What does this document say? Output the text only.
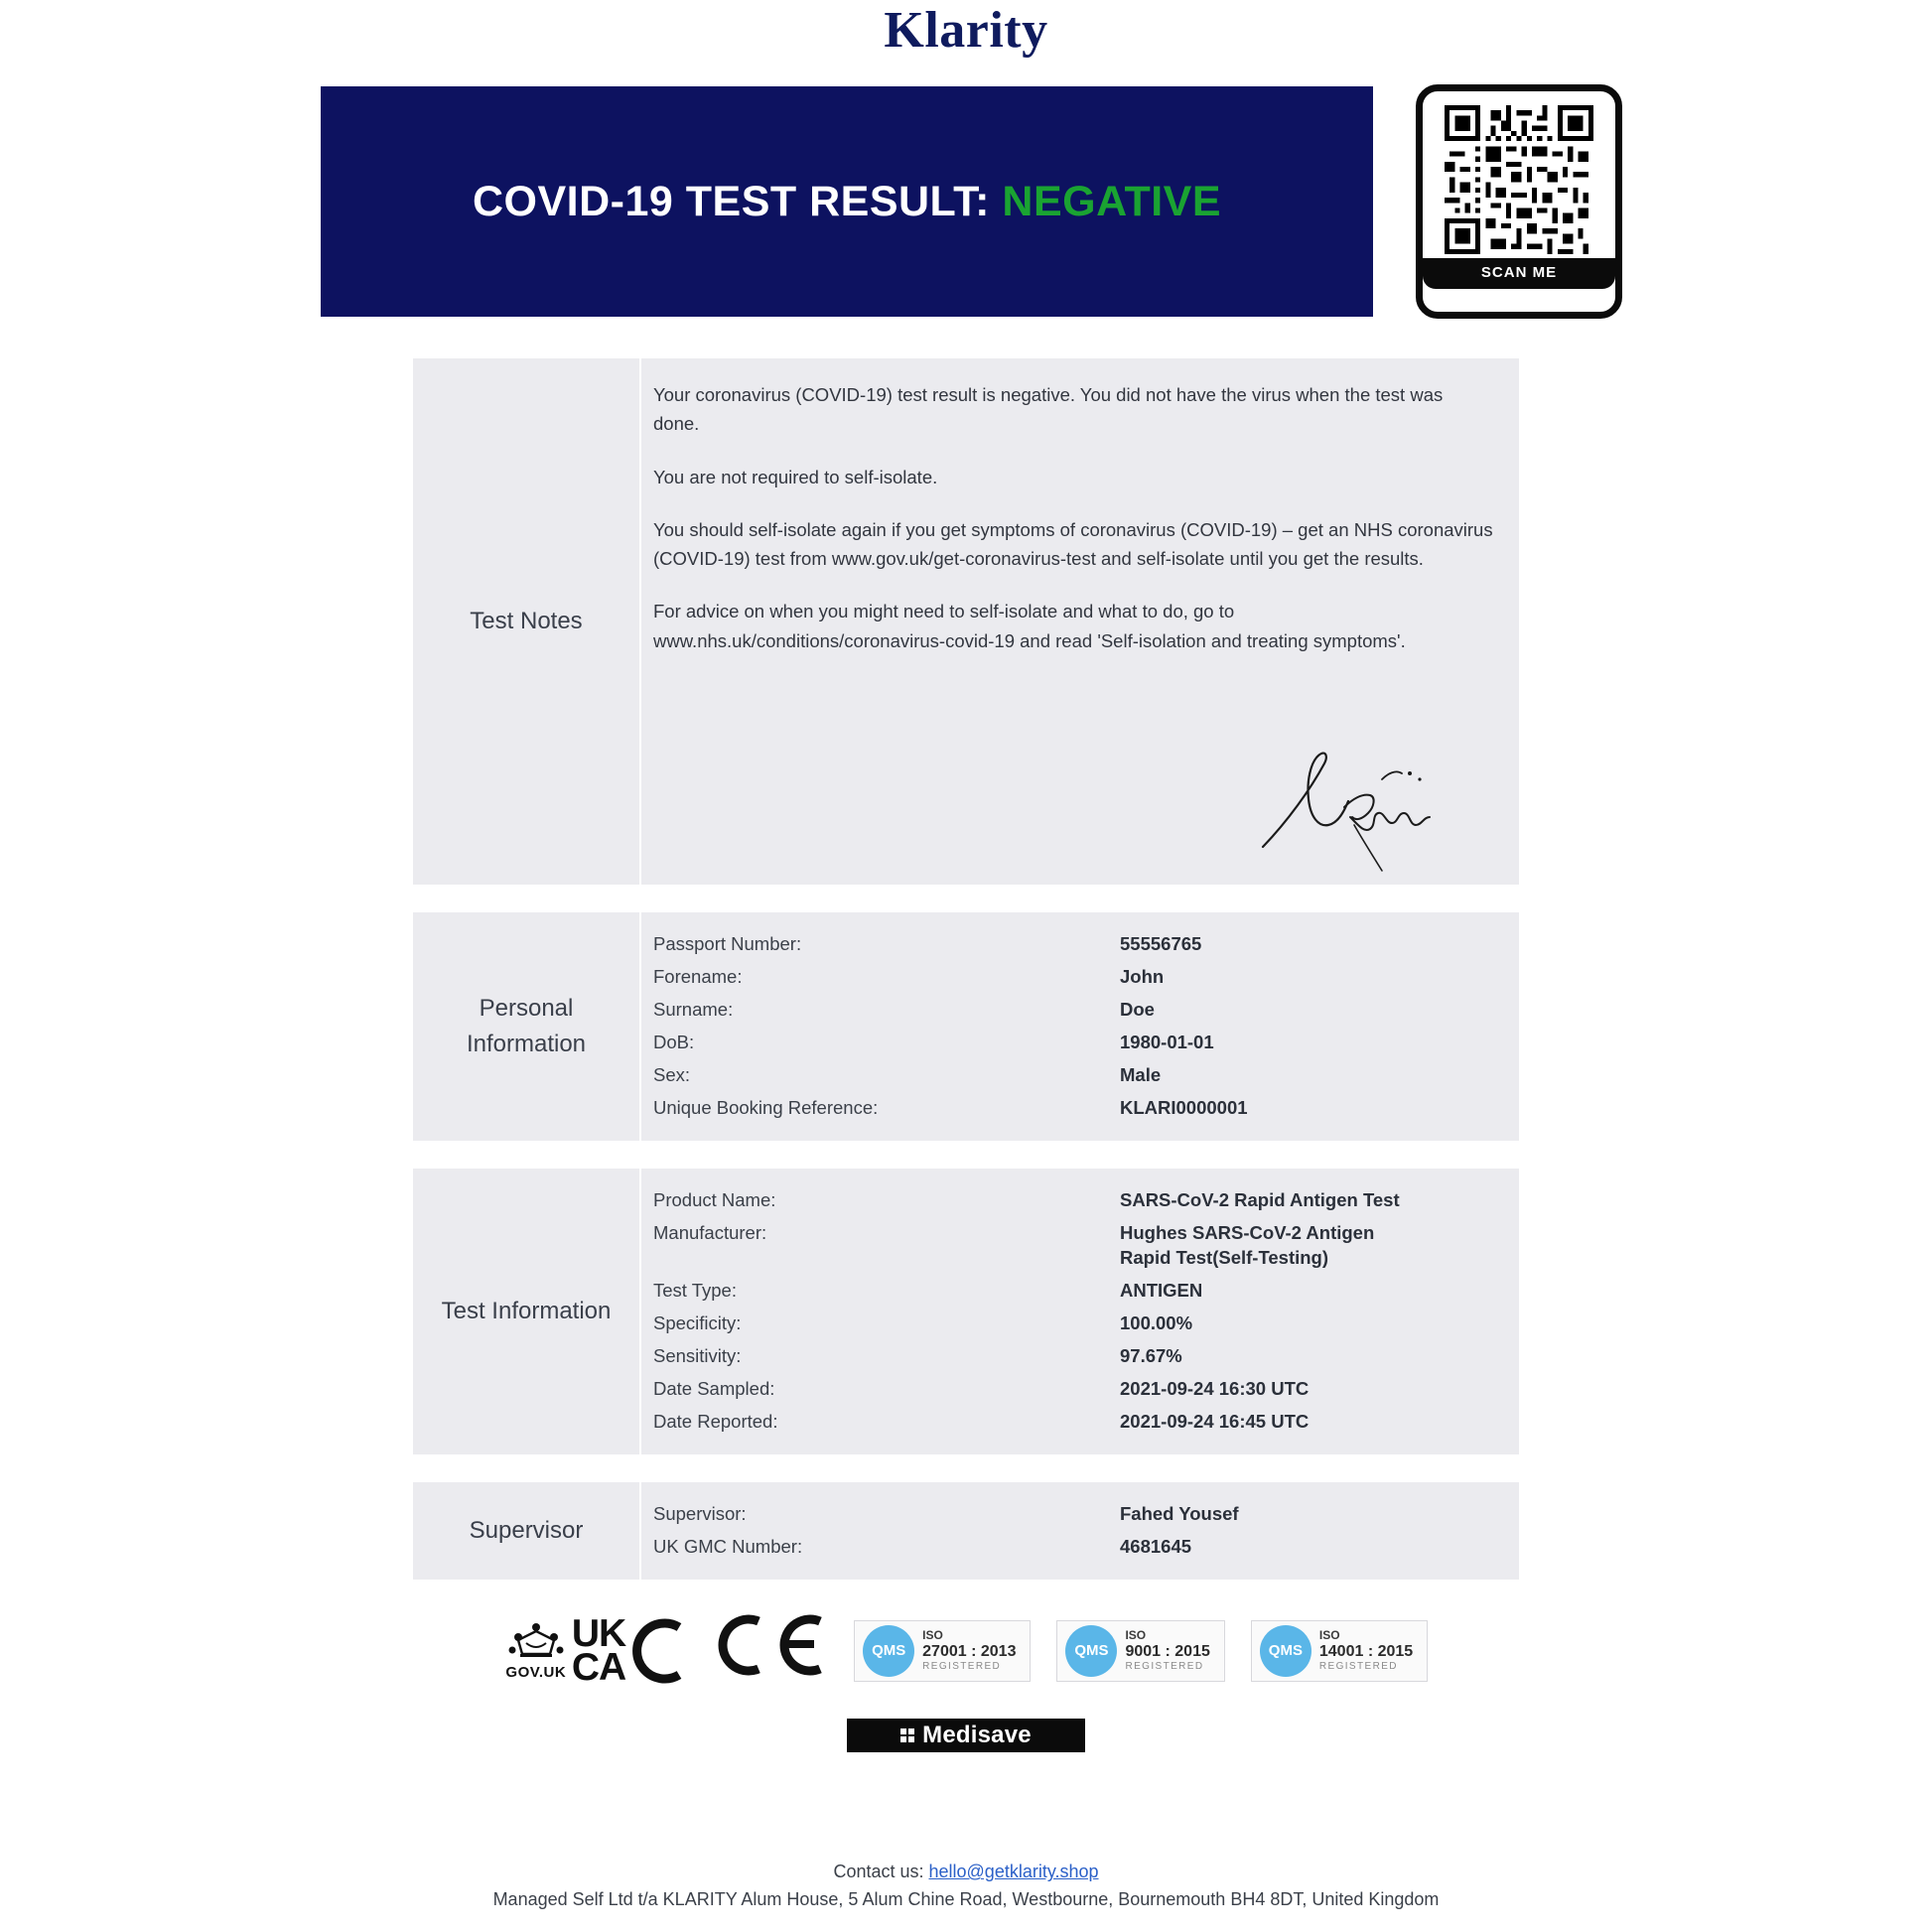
Klarity
COVID-19 TEST RESULT: NEGATIVE
SCAN ME
Test Notes

Your coronavirus (COVID-19) test result is negative. You did not have the virus when the test was done.

You are not required to self-isolate.

You should self-isolate again if you get symptoms of coronavirus (COVID-19) – get an NHS coronavirus (COVID-19) test from www.gov.uk/get-coronavirus-test and self-isolate until you get the results.

For advice on when you might need to self-isolate and what to do, go to www.nhs.uk/conditions/coronavirus-covid-19 and read 'Self-isolation and treating symptoms'.

Personal Information
Passport Number:	55556765
Forename:	John
Surname:	Doe
DoB:	1980-01-01
Sex:	Male
Unique Booking Reference:	KLARI0000001
Test Information
Product Name:	SARS-CoV-2 Rapid Antigen Test
Manufacturer:	Hughes SARS-CoV-2 Antigen Rapid Test(Self-Testing)
Test Type:	ANTIGEN
Specificity:	100.00%
Sensitivity:	97.67%
Date Sampled:	2021-09-24 16:30 UTC
Date Reported:	2021-09-24 16:45 UTC
Supervisor
Supervisor:	Fahed Yousef
UK GMC Number:	4681645
GOV.UK
UK
CA	QMS
ISO
27001 : 2013
REGISTERED
QMS
ISO
9001 : 2015
REGISTERED
QMS
ISO
14001 : 2015
REGISTERED
Medisave
Contact us: hello@getklarity.shop
Managed Self Ltd t/a KLARITY Alum House, 5 Alum Chine Road, Westbourne, Bournemouth BH4 8DT, United Kingdom
